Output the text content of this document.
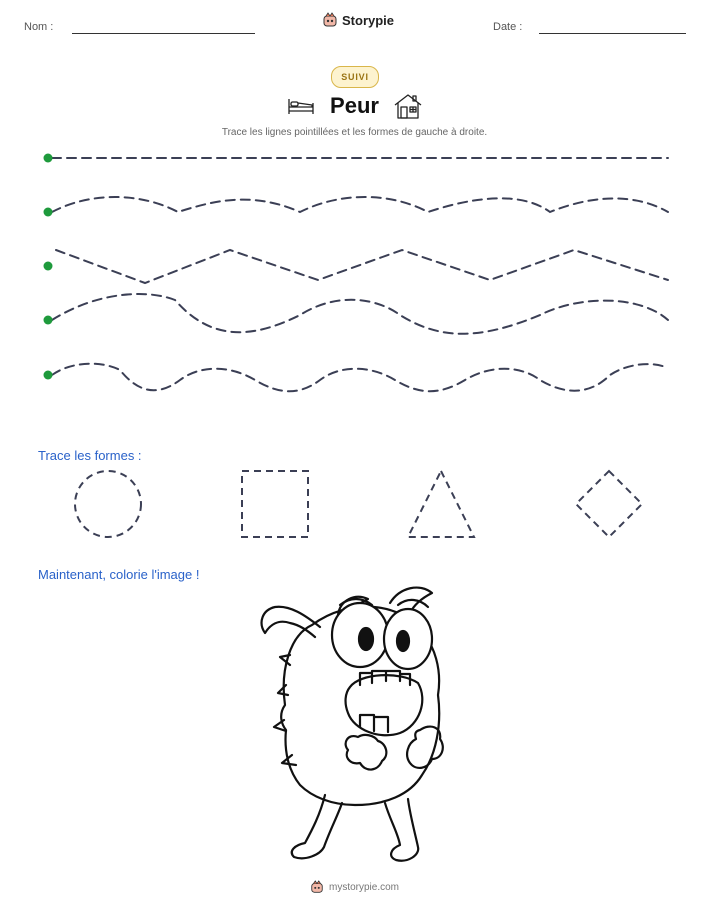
Nom :	Storypie	Date :
SUIVI
Peur
Trace les lignes pointillées et les formes de gauche à droite.
Trace les formes :
Maintenant, colorie l'image !
mystorypie.com
